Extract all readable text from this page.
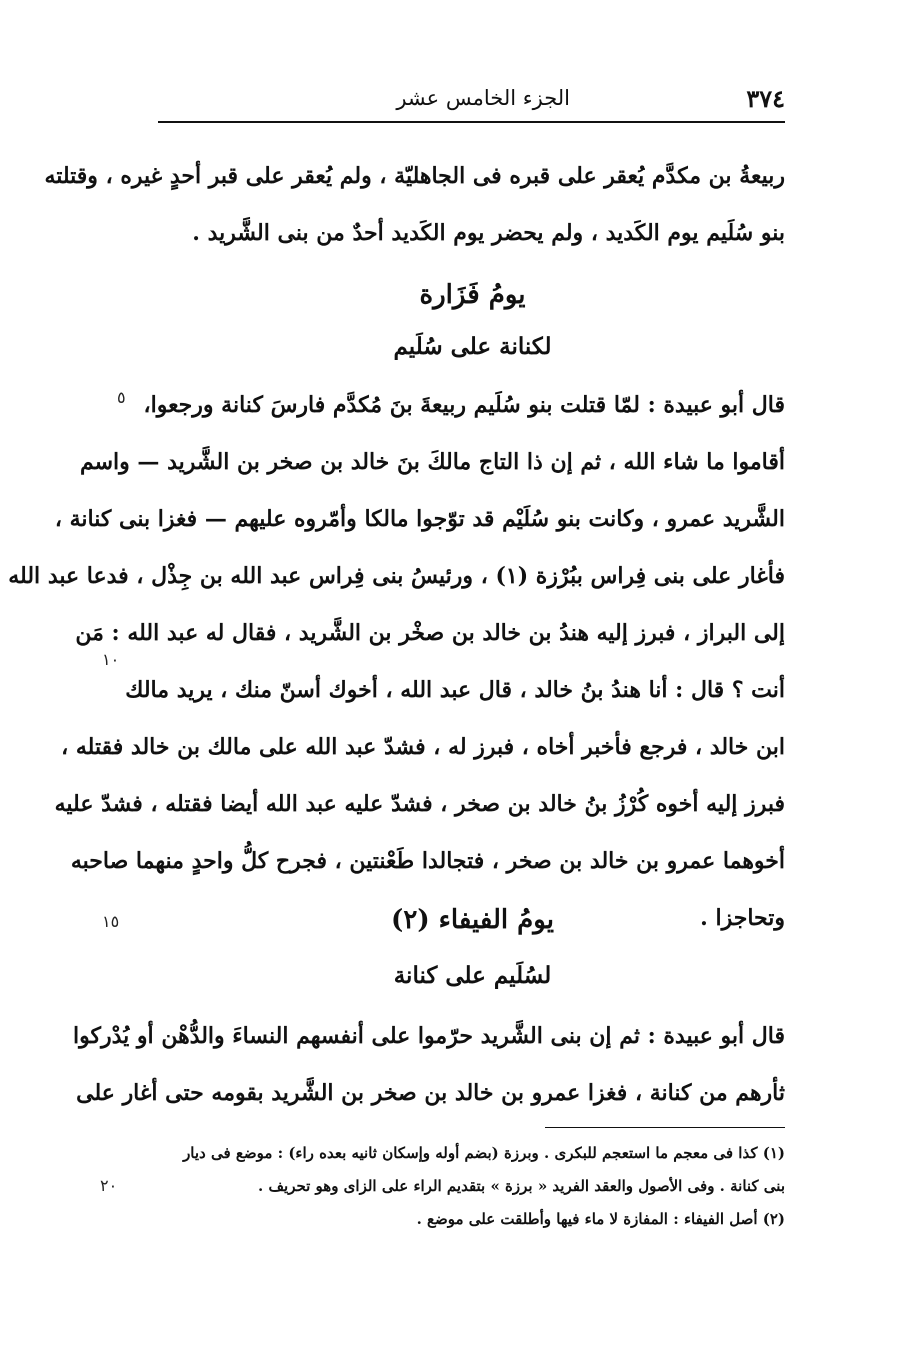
٣٧٤
الجزء الخامس عشر
ربيعةُ بن مكدَّم يُعقر على قبره فى الجاهليّة ، ولم يُعقر على قبر أحدٍ غيره ، وقتلته
بنو سُلَيم يوم الكَديد ، ولم يحضر يوم الكَديد أحدٌ من بنى الشَّريد .
يومُ فَزَارة
لكنانة على سُلَيم
قال أبو عبيدة : لمّا قتلت بنو سُلَيم ربيعةَ بنَ مُكدَّم فارسَ كنانة ورجعوا،
أقاموا ما شاء الله ، ثم إن ذا التاج مالكَ بنَ خالد بن صخر بن الشَّريد — واسم
الشَّريد عمرو ، وكانت بنو سُلَيْم قد توّجوا مالكا وأمّروه عليهم — فغزا بنى كنانة ،
فأغار على بنى فِراس ببُرْزة (١) ، ورئيسُ بنى فِراس عبد الله بن جِذْل ، فدعا عبد الله
إلى البراز ، فبرز إليه هندُ بن خالد بن صخْر بن الشَّريد ، فقال له عبد الله : مَن
أنت ؟ قال : أنا هندُ بنُ خالد ، قال عبد الله ، أخوك أسنّ منك ، يريد مالك
ابن خالد ، فرجع فأخبر أخاه ، فبرز له ، فشدّ عبد الله على مالك بن خالد فقتله ،
فبرز إليه أخوه كُرْزُ بنُ خالد بن صخر ، فشدّ عليه عبد الله أيضا فقتله ، فشدّ عليه
أخوهما عمرو بن خالد بن صخر ، فتجالدا طَعْنتين ، فجرح كلُّ واحدٍ منهما صاحبه
وتحاجزا .
يومُ الفيفاء (٢)
لسُلَيم على كنانة
قال أبو عبيدة : ثم إن بنى الشَّريد حرّموا على أنفسهم النساءَ والدُّهْن أو يُدْركوا
ثأرهم من كنانة ، فغزا عمرو بن خالد بن صخر بن الشَّريد بقومه حتى أغار على
٥
١٠
١٥
٢٠
(١) كذا فى معجم ما استعجم للبكرى . وبرزة (بضم أوله وإسكان ثانيه بعده راء) : موضع فى ديار
بنى كنانة . وفى الأصول والعقد الفريد « برزة » بتقديم الراء على الزاى وهو تحريف .
(٢) أصل الفيفاء : المفازة لا ماء فيها وأطلقت على موضع .
